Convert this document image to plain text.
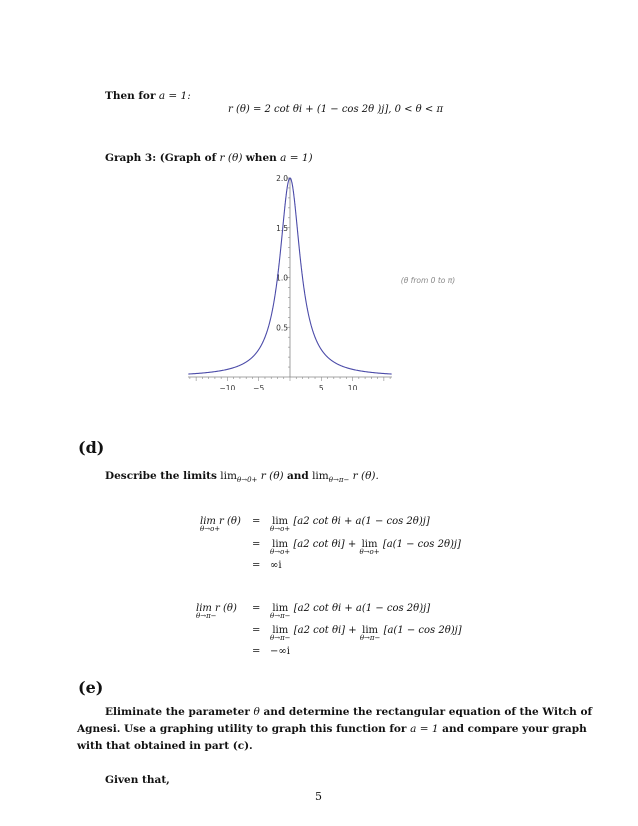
Then for a = 1:
r (θ) = 2 cot θi + (1 − cos 2θ )j], 0 < θ < π
Graph 3: (Graph of r (θ) when a = 1)
−10 −5	5	10
0.5
1.0
1.5
2.0
(θ from 0 to π)
(d)
Describe the limits $\lim_{\theta\to 0+} r$ (θ) and $\lim_{\theta\to\pi-} r$ (θ).
lim r (θ)
θ→o+
= lim
θ→o+
[a2 cot θi + a(1 − cos 2θ)j]
= lim
θ→o+
[a2 cot θi] + lim
θ→o+
[a(1 − cos 2θ)j]
= ∞i
lim r (θ)
θ→π−
= lim
θ→π−
[a2 cot θi + a(1 − cos 2θ)j]
= lim
θ→π−
[a2 cot θi] + lim
θ→π−
[a(1 − cos 2θ)j]
= −∞i
(e)
Eliminate the parameter θ and determine the rectangular equation of the Witch of
Agnesi. Use a graphing utility to graph this function for a = 1 and compare your graph
with that obtained in part (c).
Given that,
5
